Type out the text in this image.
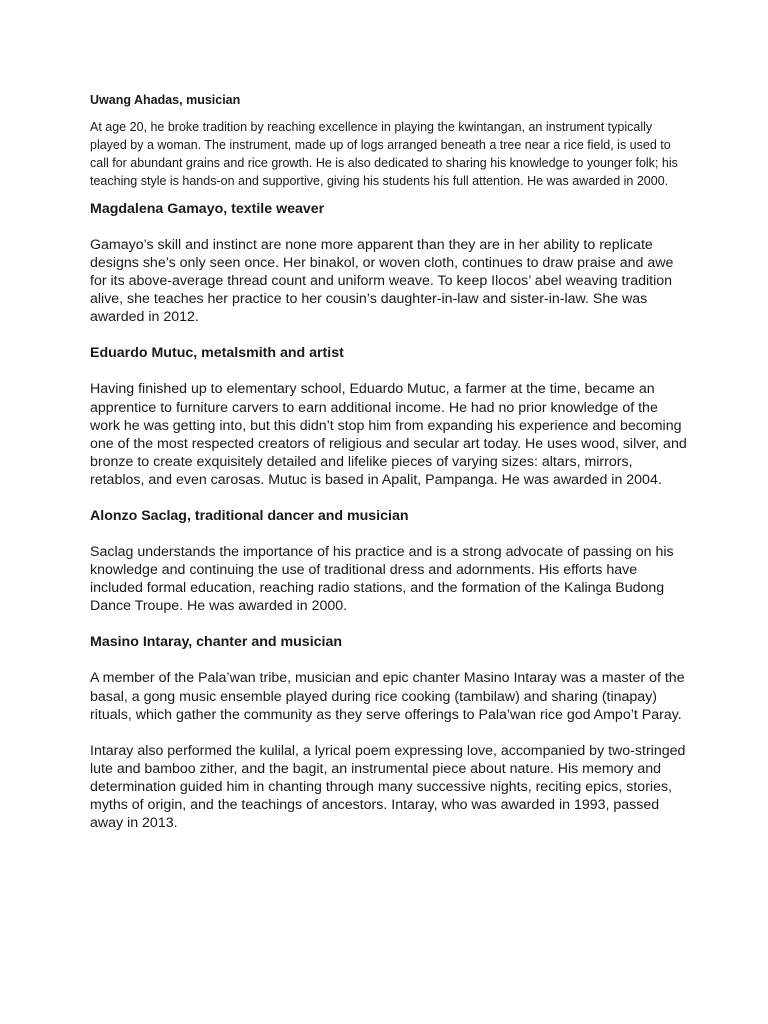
Uwang Ahadas, musician

At age 20, he broke tradition by reaching excellence in playing the kwintangan, an instrument typically played by a woman. The instrument, made up of logs arranged beneath a tree near a rice field, is used to call for abundant grains and rice growth. He is also dedicated to sharing his knowledge to younger folk; his teaching style is hands-on and supportive, giving his students his full attention. He was awarded in 2000.

Magdalena Gamayo, textile weaver

Gamayo’s skill and instinct are none more apparent than they are in her ability to replicate designs she’s only seen once. Her binakol, or woven cloth, continues to draw praise and awe for its above-average thread count and uniform weave. To keep Ilocos’ abel weaving tradition alive, she teaches her practice to her cousin’s daughter-in-law and sister-in-law. She was awarded in 2012.

Eduardo Mutuc, metalsmith and artist

Having finished up to elementary school, Eduardo Mutuc, a farmer at the time, became an apprentice to furniture carvers to earn additional income. He had no prior knowledge of the work he was getting into, but this didn’t stop him from expanding his experience and becoming one of the most respected creators of religious and secular art today. He uses wood, silver, and bronze to create exquisitely detailed and lifelike pieces of varying sizes: altars, mirrors, retablos, and even carosas. Mutuc is based in Apalit, Pampanga. He was awarded in 2004.

Alonzo Saclag, traditional dancer and musician

Saclag understands the importance of his practice and is a strong advocate of passing on his knowledge and continuing the use of traditional dress and adornments. His efforts have included formal education, reaching radio stations, and the formation of the Kalinga Budong Dance Troupe. He was awarded in 2000.

Masino Intaray, chanter and musician

A member of the Pala’wan tribe, musician and epic chanter Masino Intaray was a master of the basal, a gong music ensemble played during rice cooking (tambilaw) and sharing (tinapay) rituals, which gather the community as they serve offerings to Pala’wan rice god Ampo’t Paray.

Intaray also performed the kulilal, a lyrical poem expressing love, accompanied by two-stringed lute and bamboo zither, and the bagit, an instrumental piece about nature. His memory and determination guided him in chanting through many successive nights, reciting epics, stories, myths of origin, and the teachings of ancestors. Intaray, who was awarded in 1993, passed away in 2013.
